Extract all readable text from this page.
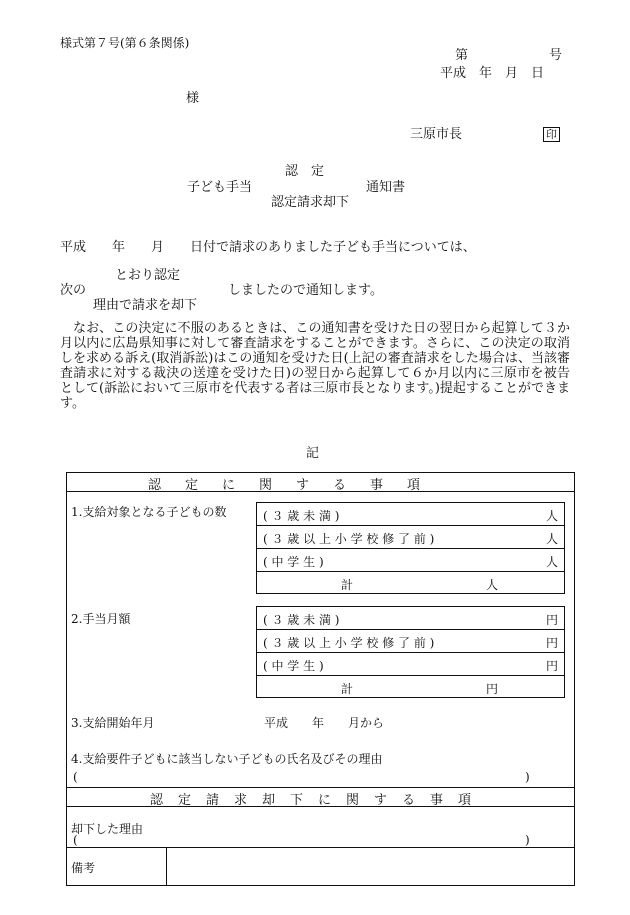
様式第７号(第６条関係)
第	号
平成　年　月　日
様
三原市長	印
認　定
子ども手当	通知書
認定請求却下
平成　　年　　月　　日付で請求のありました子ども手当については、
とおり認定
次の	しましたので通知します。
理由で請求を却下
なお、この決定に不服のあるときは、この通知書を受けた日の翌日から起算して３か月以内に広島県知事に対して審査請求をすることができます。さらに、この決定の取消しを求める訴え(取消訴訟)はこの通知を受けた日(上記の審査請求をした場合は、当該審査請求に対する裁決の送達を受けた日)の翌日から起算して６か月以内に三原市を被告として(訴訟において三原市を代表する者は三原市長となります。)提起することができます。
記
認定に関する事項
1.支給対象となる子どもの数	( ３ 歳 未 満 )	人
( ３ 歳 以 上 小 学 校 修 了 前 )	人
( 中 学 生 )	人
計	人
2.手当月額	( ３ 歳 未 満 )	円
( ３ 歳 以 上 小 学 校 修 了 前 )	円
( 中 学 生 )	円
計	円
3.支給開始年月	平成　　年　　月から
4.支給要件子どもに該当しない子どもの氏名及びその理由
(	)
認定請求却下に関する事項
却下した理由
(	)
備考
